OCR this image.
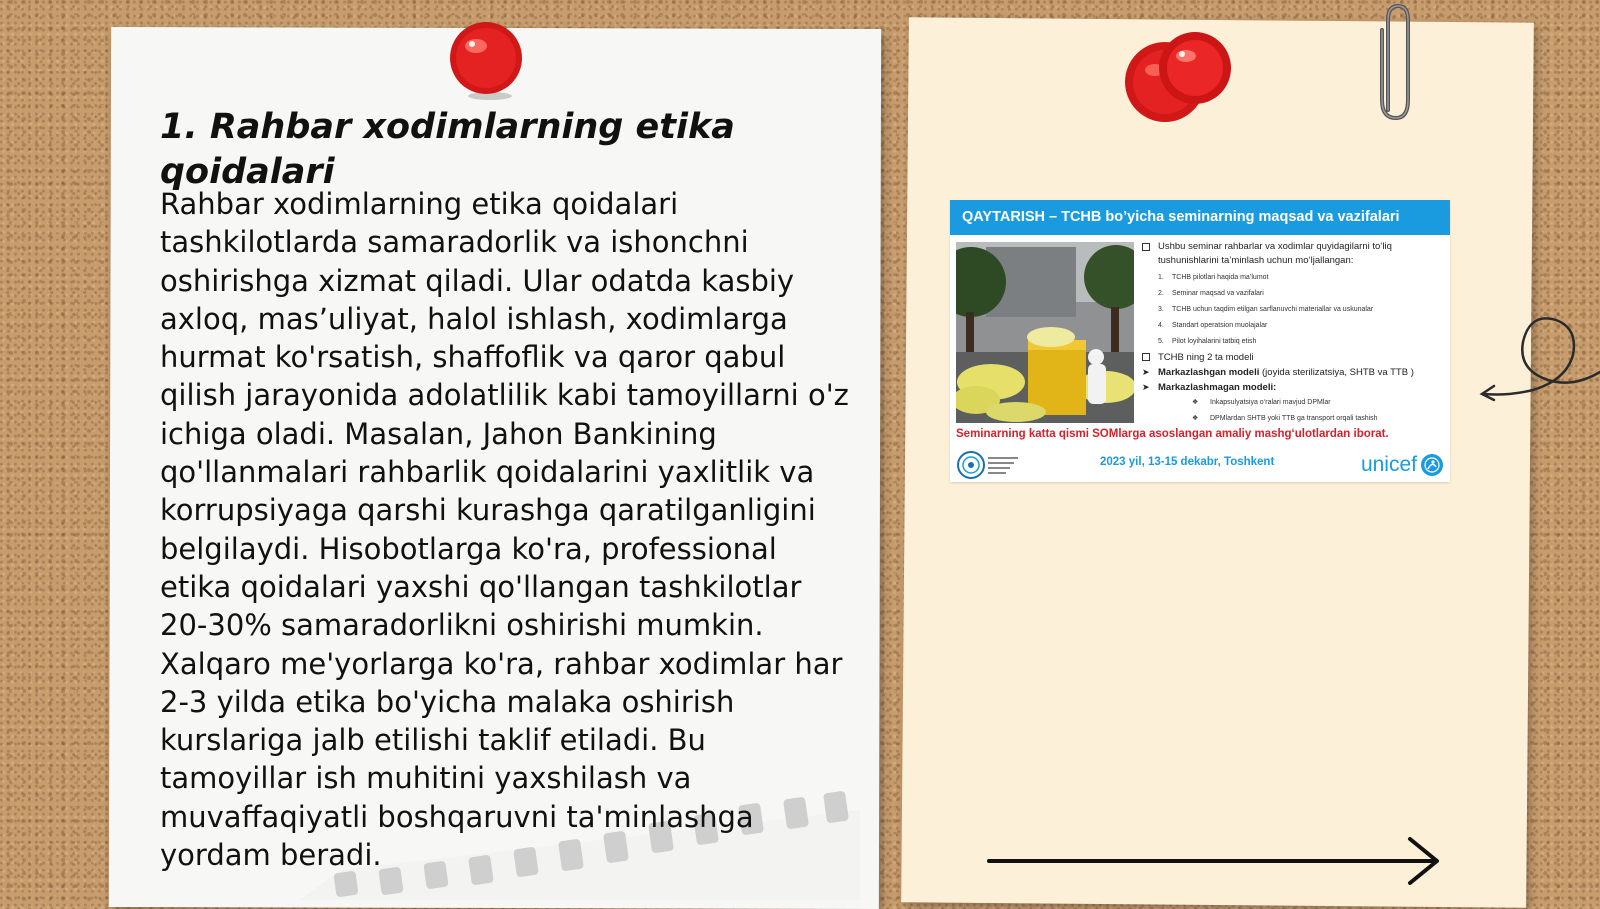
1. Rahbar xodimlarning etika qoidalari

Rahbar xodimlarning etika qoidalari tashkilotlarda samaradorlik va ishonchni oshirishga xizmat qiladi. Ular odatda kasbiy axloq, mas’uliyat, halol ishlash, xodimlarga hurmat ko'rsatish, shaffoflik va qaror qabul qilish jarayonida adolatlilik kabi tamoyillarni o'z ichiga oladi. Masalan, Jahon Bankining qo'llanmalari rahbarlik qoidalarini yaxlitlik va korrupsiyaga qarshi kurashga qaratilganligini belgilaydi. Hisobotlarga ko'ra, professional etika qoidalari yaxshi qo'llangan tashkilotlar 20-30% samaradorlikni oshirishi mumkin. Xalqaro me'yorlarga ko'ra, rahbar xodimlar har 2-3 yilda etika bo'yicha malaka oshirish kurslariga jalb etilishi taklif etiladi. Bu tamoyillar ish muhitini yaxshilash va muvaffaqiyatli boshqaruvni ta'minlashga yordam beradi.

QAYTARISH – TCHB bo’yicha seminarning maqsad va vazifalari

Ushbu seminar rahbarlar va xodimlar quyidagilarni to‘liq tushunishlarini ta’minlash uchun mo‘ljallangan:

1. TCHB pilotlari haqida ma’lumot
2. Seminar maqsad va vazifalari
3. TCHB uchun taqdim etilgan sarflanuvchi materiallar va uskunalar
4. Standart operatsion muolajalar
5. Pilot loyihalarini tatbiq etish

TCHB ning 2 ta modeli

➤ Markazlashgan modeli (joyida sterilizatsiya, SHTB va TTB )

➤ Markazlashmagan modeli:

❖ Inkapsulyatsiya o‘ralari mavjud DPMlar
❖ DPMlardan SHTB yoki TTB ga transport orqali tashish
Seminarning katta qismi SOMlarga asoslangan amaliy mashg‘ulotlardan iborat.
2023 yil, 13-15 dekabr, Toshkent	unicef
